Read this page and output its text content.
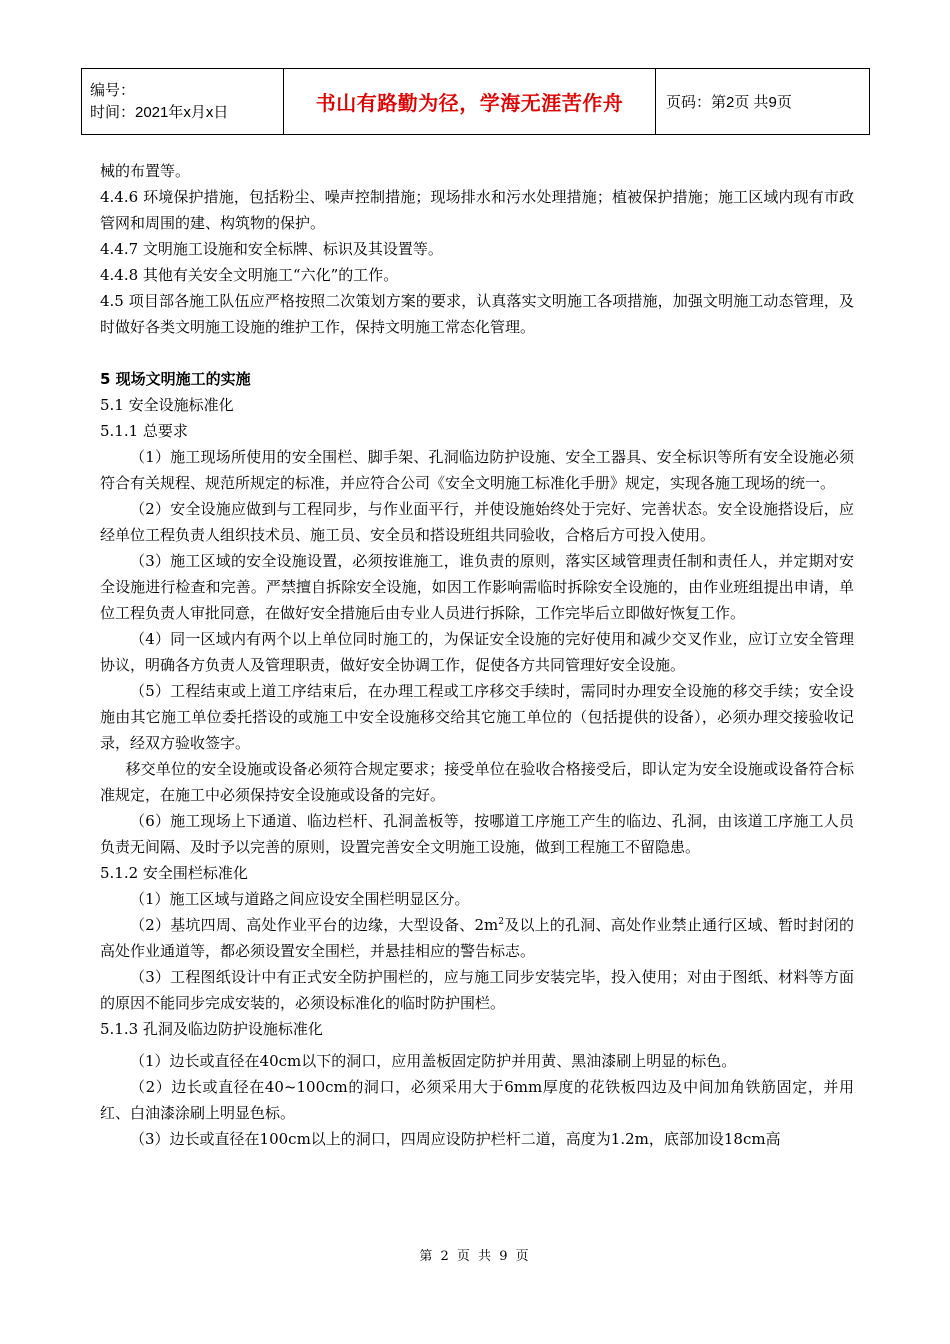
编号：
时间：2021年x月x日	书山有路勤为径，学海无涯苦作舟	页码：第2页 共9页

械的布置等。

4.4.6 环境保护措施，包括粉尘、噪声控制措施；现场排水和污水处理措施；植被保护措施；施工区域内现有市政管网和周围的建、构筑物的保护。

4.4.7 文明施工设施和安全标牌、标识及其设置等。

4.4.8 其他有关安全文明施工“六化”的工作。

4.5 项目部各施工队伍应严格按照二次策划方案的要求，认真落实文明施工各项措施，加强文明施工动态管理，及时做好各类文明施工设施的维护工作，保持文明施工常态化管理。

5 现场文明施工的实施

5.1 安全设施标准化

5.1.1 总要求

（1）施工现场所使用的安全围栏、脚手架、孔洞临边防护设施、安全工器具、安全标识等所有安全设施必须符合有关规程、规范所规定的标准，并应符合公司《安全文明施工标准化手册》规定，实现各施工现场的统一。

（2）安全设施应做到与工程同步，与作业面平行，并使设施始终处于完好、完善状态。安全设施搭设后，应经单位工程负责人组织技术员、施工员、安全员和搭设班组共同验收，合格后方可投入使用。

（3）施工区域的安全设施设置，必须按谁施工，谁负责的原则，落实区域管理责任制和责任人，并定期对安全设施进行检查和完善。严禁擅自拆除安全设施，如因工作影响需临时拆除安全设施的，由作业班组提出申请，单位工程负责人审批同意，在做好安全措施后由专业人员进行拆除，工作完毕后立即做好恢复工作。

（4）同一区域内有两个以上单位同时施工的，为保证安全设施的完好使用和减少交叉作业，应订立安全管理协议，明确各方负责人及管理职责，做好安全协调工作，促使各方共同管理好安全设施。

（5）工程结束或上道工序结束后，在办理工程或工序移交手续时，需同时办理安全设施的移交手续；安全设施由其它施工单位委托搭设的或施工中安全设施移交给其它施工单位的（包括提供的设备），必须办理交接验收记录，经双方验收签字。

移交单位的安全设施或设备必须符合规定要求；接受单位在验收合格接受后，即认定为安全设施或设备符合标准规定，在施工中必须保持安全设施或设备的完好。

（6）施工现场上下通道、临边栏杆、孔洞盖板等，按哪道工序施工产生的临边、孔洞，由该道工序施工人员负责无间隔、及时予以完善的原则，设置完善安全文明施工设施，做到工程施工不留隐患。

5.1.2 安全围栏标准化

（1）施工区域与道路之间应设安全围栏明显区分。

（2）基坑四周、高处作业平台的边缘，大型设备、$2m^2$及以上的孔洞、高处作业禁止通行区域、暂时封闭的高处作业通道等，都必须设置安全围栏，并悬挂相应的警告标志。

（3）工程图纸设计中有正式安全防护围栏的，应与施工同步安装完毕，投入使用；对由于图纸、材料等方面的原因不能同步完成安装的，必须设标准化的临时防护围栏。

5.1.3 孔洞及临边防护设施标准化

（1）边长或直径在40cm以下的洞口，应用盖板固定防护并用黄、黑油漆刷上明显的标色。

（2）边长或直径在40~100cm的洞口，必须采用大于6mm厚度的花铁板四边及中间加角铁筋固定，并用红、白油漆涂刷上明显色标。

（3）边长或直径在100cm以上的洞口，四周应设防护栏杆二道，高度为1.2m，底部加设18cm高

第 2 页 共 9 页
